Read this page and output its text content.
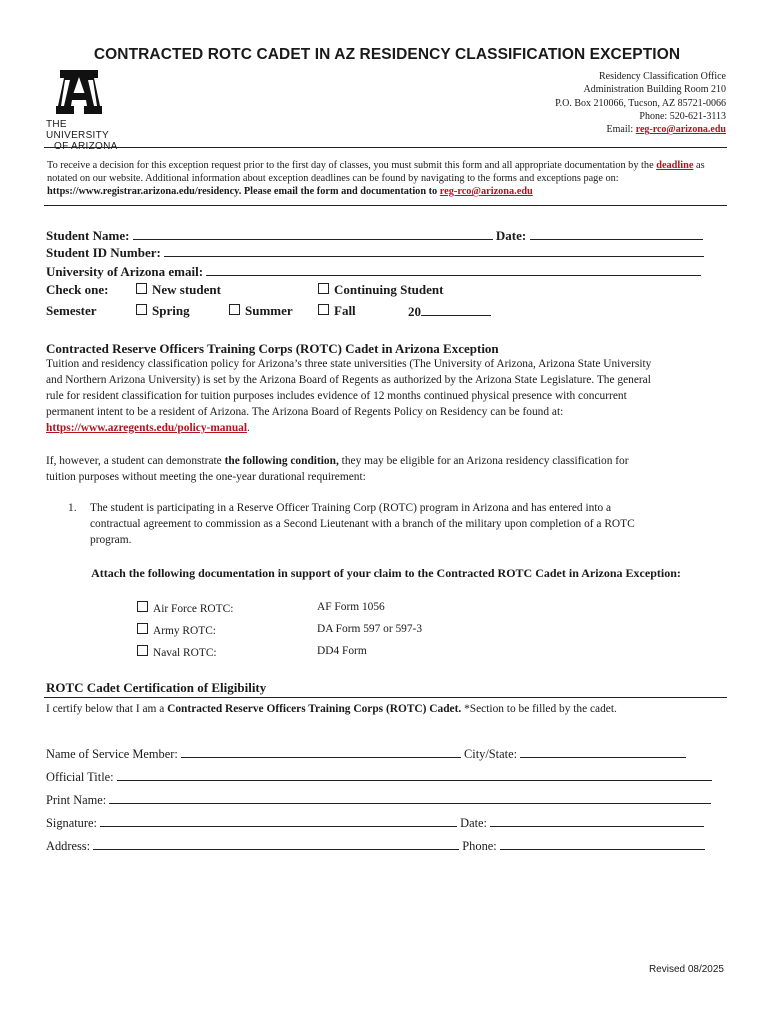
CONTRACTED ROTC CADET IN AZ RESIDENCY CLASSIFICATION EXCEPTION
THE UNIVERSITY
OF ARIZONA
Residency Classification Office
Administration Building Room 210
P.O. Box 210066, Tucson, AZ 85721-0066
Phone: 520-621-3113
Email: reg-rco@arizona.edu
To receive a decision for this exception request prior to the first day of classes, you must submit this form and all appropriate documentation by the deadline as notated on our website. Additional information about exception deadlines can be found by navigating to the forms and exceptions page on: https://www.registrar.arizona.edu/residency. Please email the form and documentation to reg-rco@arizona.edu
Student Name:	Date:
Student ID Number:
University of Arizona email:
Check one:	New student	Continuing Student
Semester	Spring	Summer	Fall	20
Contracted Reserve Officers Training Corps (ROTC) Cadet in Arizona Exception
Tuition and residency classification policy for Arizona’s three state universities (The University of Arizona, Arizona State University
and Northern Arizona University) is set by the Arizona Board of Regents as authorized by the Arizona State Legislature. The general
rule for resident classification for tuition purposes includes evidence of 12 months continued physical presence with concurrent
permanent intent to be a resident of Arizona. The Arizona Board of Regents Policy on Residency can be found at:
https://www.azregents.edu/policy-manual.
If, however, a student can demonstrate the following condition, they may be eligible for an Arizona residency classification for
tuition purposes without meeting the one-year durational requirement:
1. The student is participating in a Reserve Officer Training Corp (ROTC) program in Arizona and has entered into a
contractual agreement to commission as a Second Lieutenant with a branch of the military upon completion of a ROTC
program.
Attach the following documentation in support of your claim to the Contracted ROTC Cadet in Arizona Exception:
Air Force ROTC:	AF Form 1056
Army ROTC:	DA Form 597 or 597-3
Naval ROTC:	DD4 Form
ROTC Cadet Certification of Eligibility
I certify below that I am a Contracted Reserve Officers Training Corps (ROTC) Cadet. *Section to be filled by the cadet.
Name of Service Member:	City/State:
Official Title:
Print Name:
Signature:	Date:
Address:	Phone:
Revised 08/2025
